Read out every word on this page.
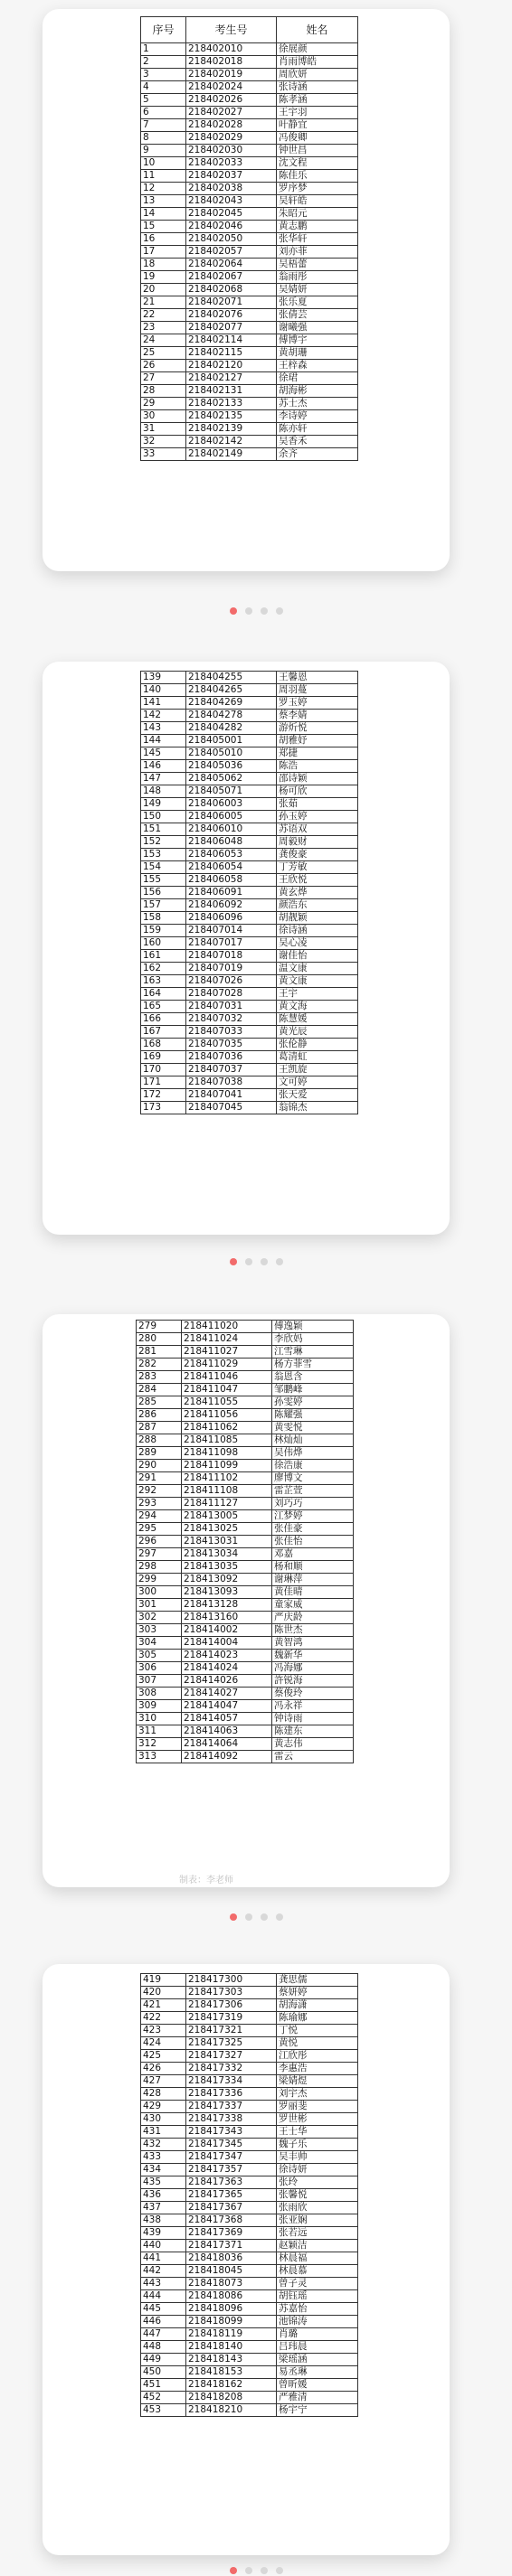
序号	考生号	姓名
1	218402010	徐展颜
2	218402018	肖雨博皓
3	218402019	周欣妍
4	218402024	张诗涵
5	218402026	陈孝涵
6	218402027	王宇羽
7	218402028	叶静宜
8	218402029	冯俊卿
9	218402030	钟世昌
10	218402033	沈文程
11	218402037	陈佳乐
12	218402038	罗序梦
13	218402043	吴轩皓
14	218402045	朱昭元
15	218402046	黄志鹏
16	218402050	张华轩
17	218402057	刘亦菲
18	218402064	吴梧蕾
19	218402067	翁雨彤
20	218402068	吴婧妍
21	218402071	张乐夏
22	218402076	张倩芸
23	218402077	谢曦强
24	218402114	傅博宇
25	218402115	黄胡珊
26	218402120	王梓森
27	218402127	徐珺
28	218402131	胡海彬
29	218402133	苏士杰
30	218402135	李诗婷
31	218402139	陈亦轩
32	218402142	吴香禾
33	218402149	余齐
139	218404255	王馨恩
140	218404265	周羽蔓
141	218404269	罗玉婷
142	218404278	蔡李婧
143	218404282	游炘悦
144	218405001	胡雅妤
145	218405010	郑捷
146	218405036	陈浩
147	218405062	邵诗颖
148	218405071	杨可欣
149	218406003	张茹
150	218406005	孙玉婷
151	218406010	苏语双
152	218406048	周毅财
153	218406053	龚俊豪
154	218406054	丁芳敏
155	218406058	王欣悦
156	218406091	黄玄烨
157	218406092	颜浩东
158	218406096	胡靓颖
159	218407014	徐诗涵
160	218407017	吴心凌
161	218407018	谢佳怡
162	218407019	温文康
163	218407026	黄文康
164	218407028	王宇
165	218407031	黄文海
166	218407032	陈慧媛
167	218407033	黄光辰
168	218407035	张伦静
169	218407036	葛清虹
170	218407037	王凯旋
171	218407038	文可婷
172	218407041	张天爱
173	218407045	翁锦杰
279	218411020	傅逸颖
280	218411024	李欣妈
281	218411027	江雪琳
282	218411029	杨方菲雪
283	218411046	翁恩含
284	218411047	邹鹏峰
285	218411055	孙雯婷
286	218411056	陈耀强
287	218411062	黄雯悦
288	218411085	林灿灿
289	218411098	吴伟烨
290	218411099	徐浩康
291	218411102	廖博文
292	218411108	雷芷萱
293	218411127	刘巧巧
294	218413005	江梦婷
295	218413025	张佳豪
296	218413031	张佳怡
297	218413034	邓嘉
298	218413035	杨和顺
299	218413092	谢琳萍
300	218413093	黄佳晴
301	218413128	童家威
302	218413160	严庆龄
303	218414002	陈世杰
304	218414004	黄智鸿
305	218414023	魏新华
306	218414024	冯海娜
307	218414026	許锐海
308	218414027	蔡俊玲
309	218414047	冯永祥
310	218414057	钟诗雨
311	218414063	陈建东
312	218414064	黄志伟
313	218414092	雷云
制表：李老师
419	218417300	龚思儒
420	218417303	蔡妍婷
421	218417306	胡海潇
422	218417319	陈瑜娜
423	218417321	丁悦
424	218417325	黄悦
425	218417327	江欣彤
426	218417332	李惠浩
427	218417334	梁婧煜
428	218417336	刘宇杰
429	218417337	罗丽斐
430	218417338	罗世彬
431	218417343	王士华
432	218417345	魏子乐
433	218417347	吴丰帅
434	218417357	徐诗妍
435	218417363	张玲
436	218417365	张馨悦
437	218417367	张雨欣
438	218417368	张亚娴
439	218417369	张若远
440	218417371	赵颖洁
441	218418036	林晨福
442	218418045	林晨慕
443	218418073	曾子灵
444	218418086	胡钰瑶
445	218418096	苏嘉怡
446	218418099	池锦涛
447	218418119	肖璐
448	218418140	吕玮晨
449	218418143	梁瑶涵
450	218418153	易丞琳
451	218418162	曾昕媛
452	218418208	严雅清
453	218418210	杨宇宁
